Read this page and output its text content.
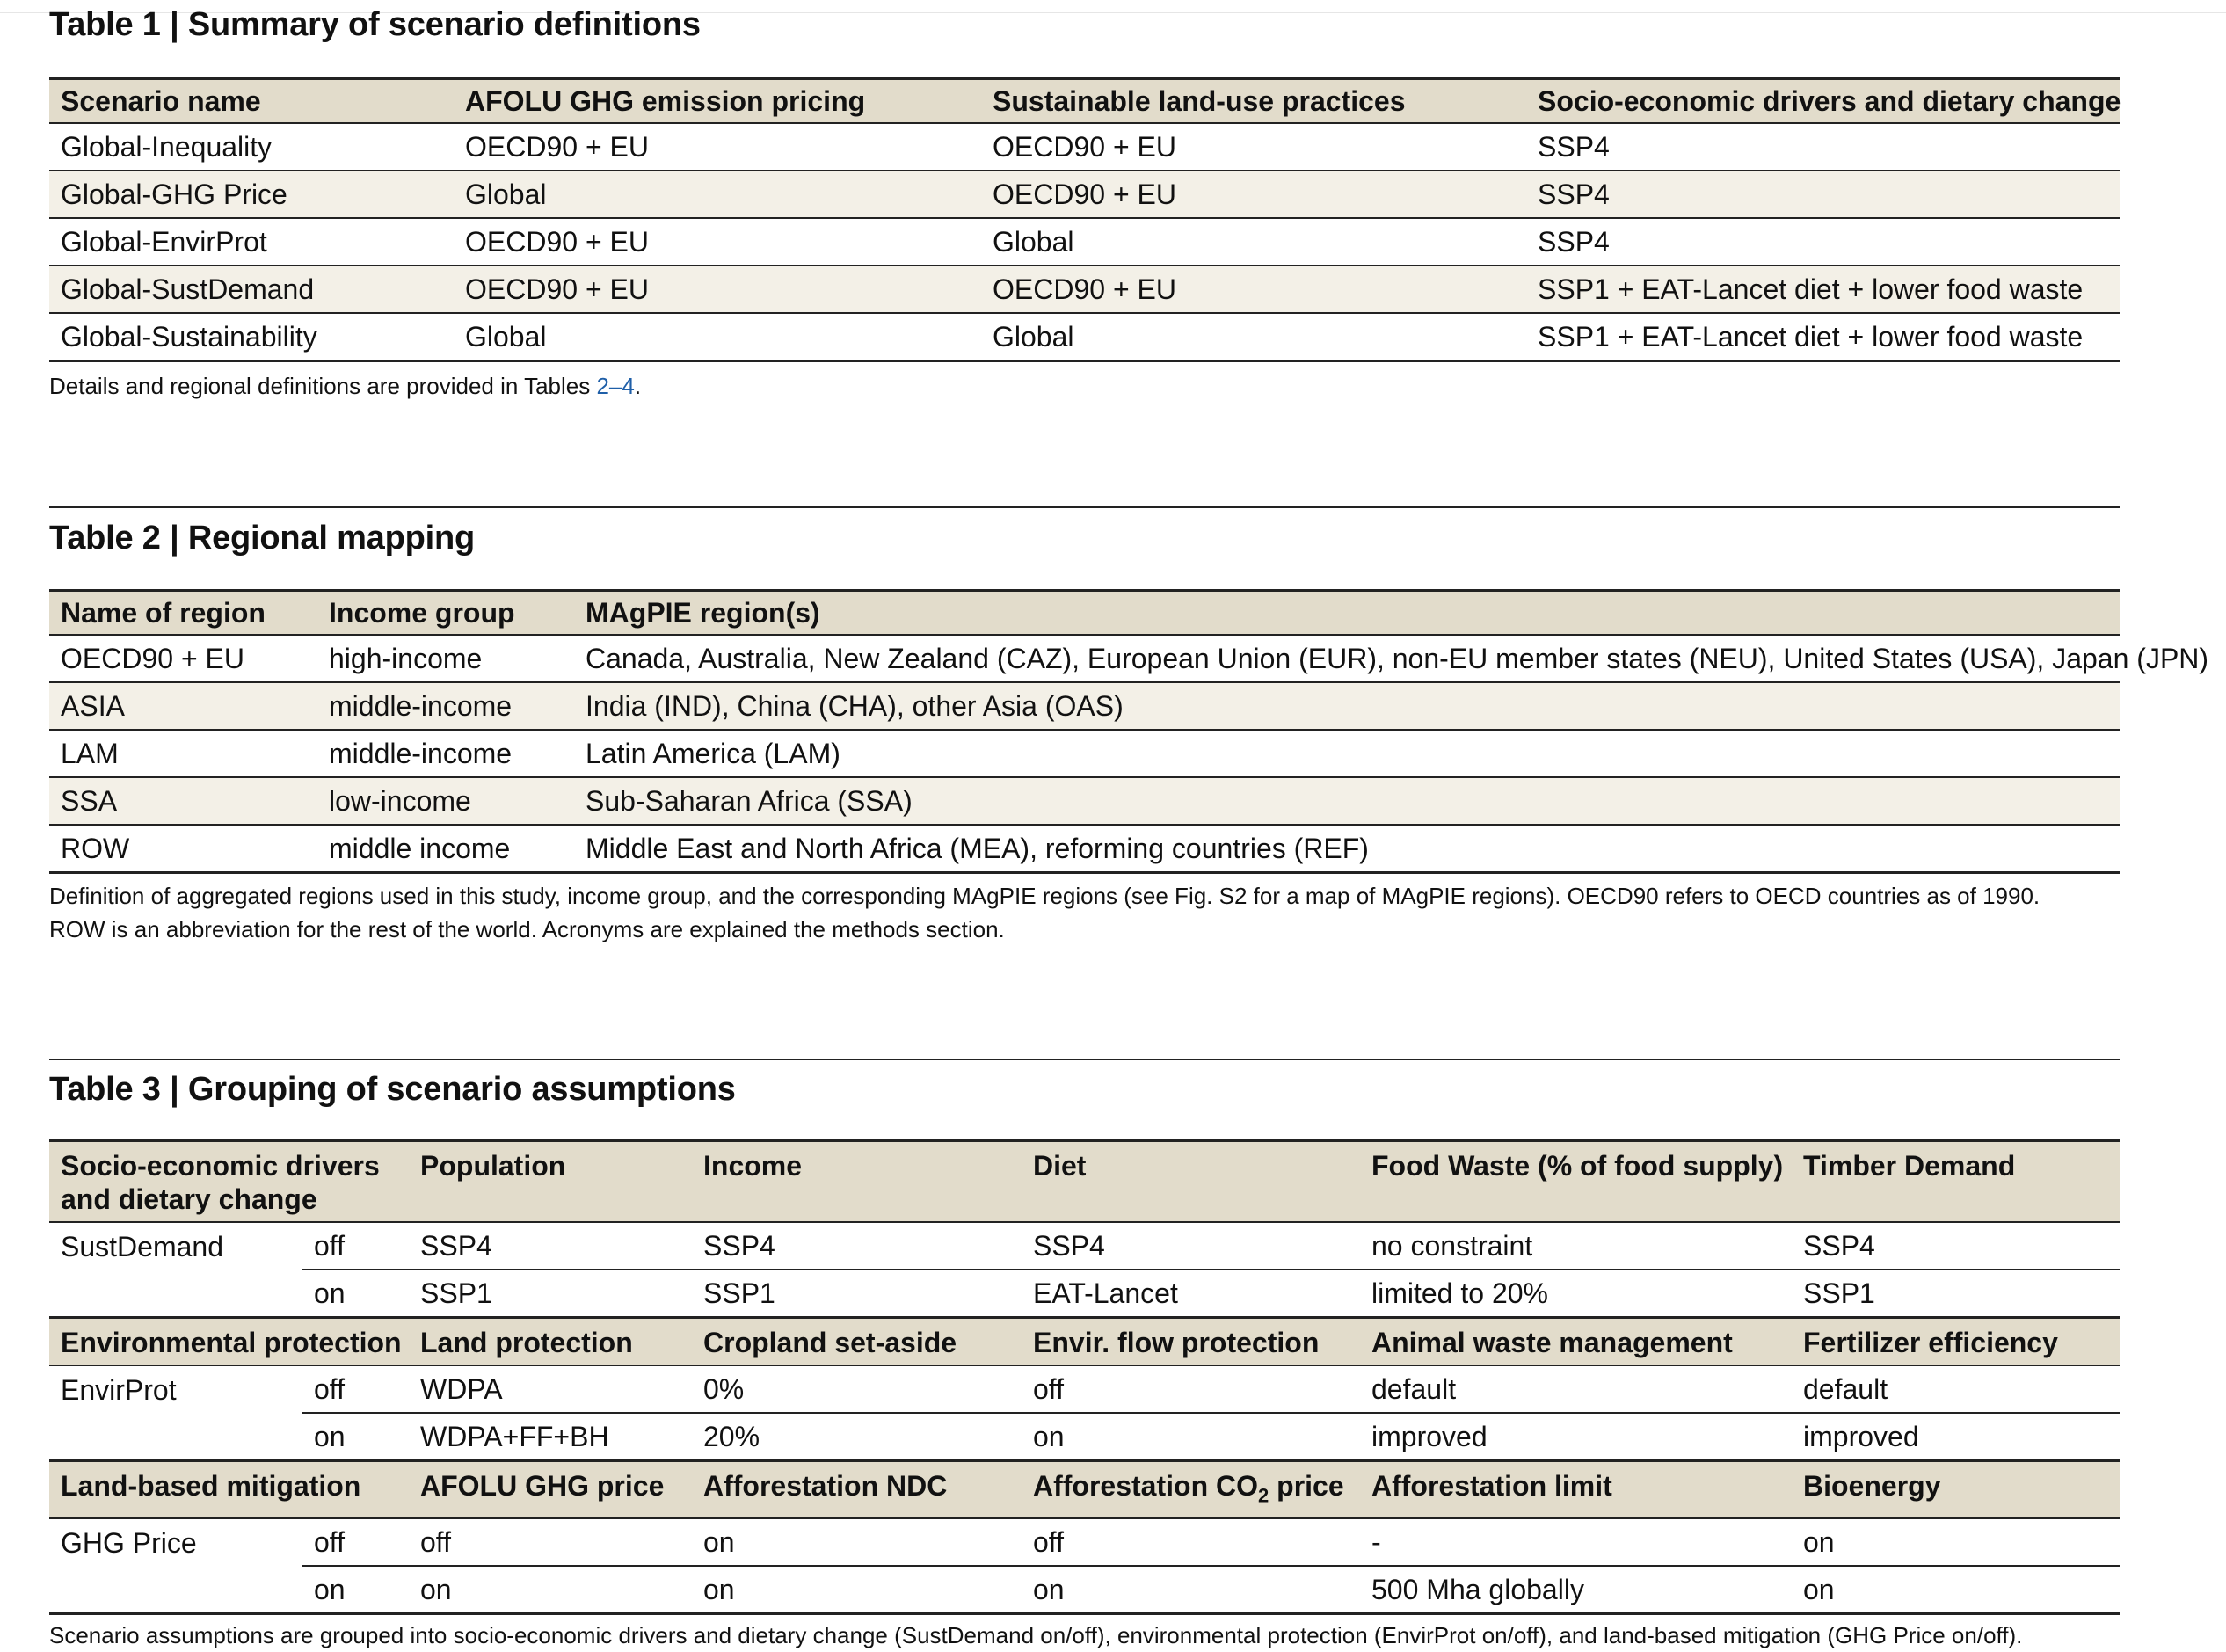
Table 1 | Summary of scenario definitions
Scenario name	AFOLU GHG emission pricing	Sustainable land-use practices	Socio-economic drivers and dietary change
Global-Inequality	OECD90 + EU	OECD90 + EU	SSP4
Global-GHG Price	Global	OECD90 + EU	SSP4
Global-EnvirProt	OECD90 + EU	Global	SSP4
Global-SustDemand	OECD90 + EU	OECD90 + EU	SSP1 + EAT-Lancet diet + lower food waste
Global-Sustainability	Global	Global	SSP1 + EAT-Lancet diet + lower food waste
Details and regional definitions are provided in Tables 2–4.
Table 2 | Regional mapping
Name of region	Income group	MAgPIE region(s)
OECD90 + EU	high-income	Canada, Australia, New Zealand (CAZ), European Union (EUR), non-EU member states (NEU), United States (USA), Japan (JPN)
ASIA	middle-income	India (IND), China (CHA), other Asia (OAS)
LAM	middle-income	Latin America (LAM)
SSA	low-income	Sub-Saharan Africa (SSA)
ROW	middle income	Middle East and North Africa (MEA), reforming countries (REF)
Definition of aggregated regions used in this study, income group, and the corresponding MAgPIE regions (see Fig. S2 for a map of MAgPIE regions). OECD90 refers to OECD countries as of 1990.
ROW is an abbreviation for the rest of the world. Acronyms are explained the methods section.
Table 3 | Grouping of scenario assumptions
Socio-economic drivers and dietary change		Population	Income	Diet	Food Waste (% of food supply)	Timber Demand
SustDemand	off	SSP4	SSP4	SSP4	no constraint	SSP4
	on	SSP1	SSP1	EAT-Lancet	limited to 20%	SSP1
Environmental protection		Land protection	Cropland set-aside	Envir. flow protection	Animal waste management	Fertilizer efficiency
EnvirProt	off	WDPA	0%	off	default	default
	on	WDPA+FF+BH	20%	on	improved	improved
Land-based mitigation		AFOLU GHG price	Afforestation NDC	Afforestation $CO_2$ price	Afforestation limit	Bioenergy
GHG Price	off	off	on	off	-	on
	on	on	on	on	500 Mha globally	on
Scenario assumptions are grouped into socio-economic drivers and dietary change (SustDemand on/off), environmental protection (EnvirProt on/off), and land-based mitigation (GHG Price on/off).
